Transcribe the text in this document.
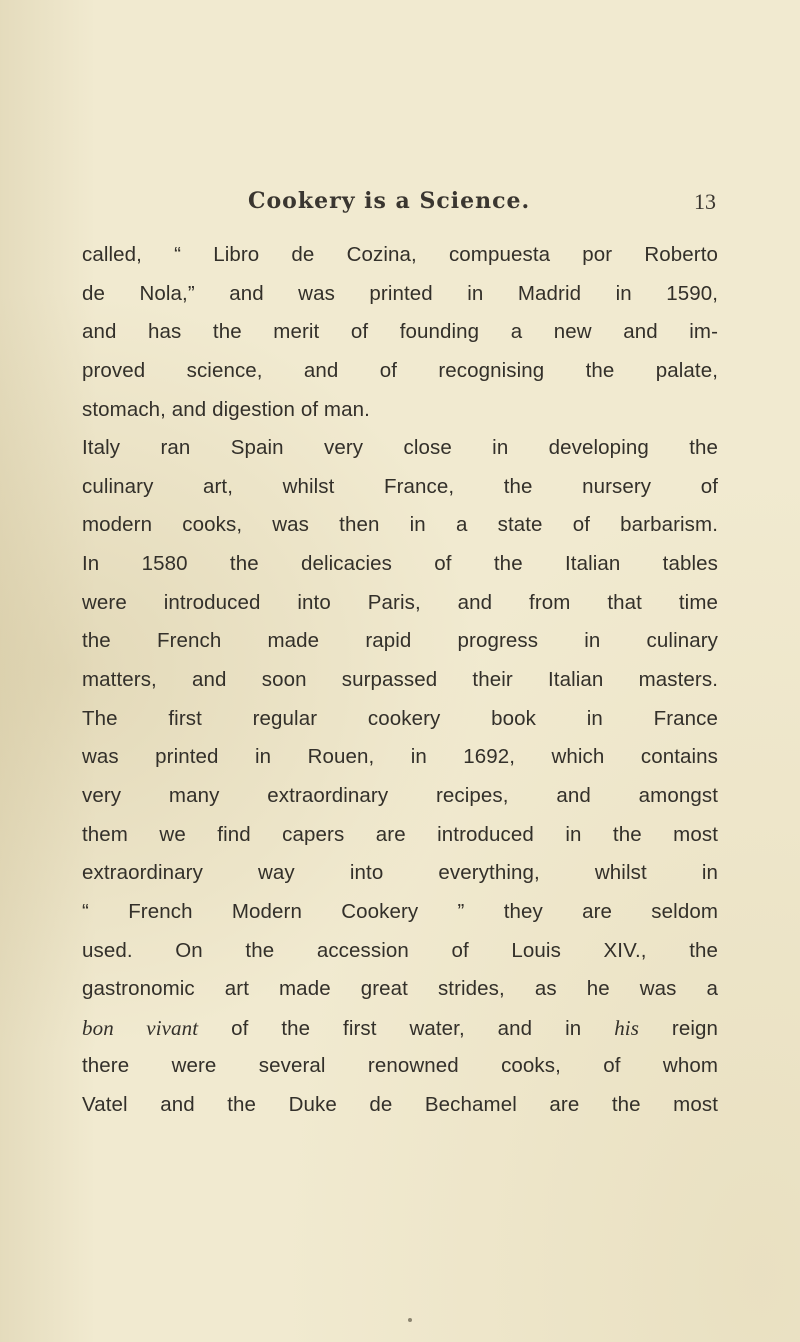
Cookery is a Science.	13
called, “ Libro de Cozina, compuesta por Roberto
de Nola,” and was printed in Madrid in 1590,
and has the merit of founding a new and im-
proved science, and of recognising the palate,
stomach, and digestion of man.
Italy ran Spain very close in developing the
culinary art, whilst France, the nursery of
modern cooks, was then in a state of barbarism.
In 1580 the delicacies of the Italian tables
were introduced into Paris, and from that time
the French made rapid progress in culinary
matters, and soon surpassed their Italian masters.
The first regular cookery book in France
was printed in Rouen, in 1692, which contains
very many extraordinary recipes, and amongst
them we find capers are introduced in the most
extraordinary way into everything, whilst in
“ French Modern Cookery ” they are seldom
used. On the accession of Louis XIV., the
gastronomic art made great strides, as he was a
bon vivant of the first water, and in his reign
there were several renowned cooks, of whom
Vatel and the Duke de Bechamel are the most
